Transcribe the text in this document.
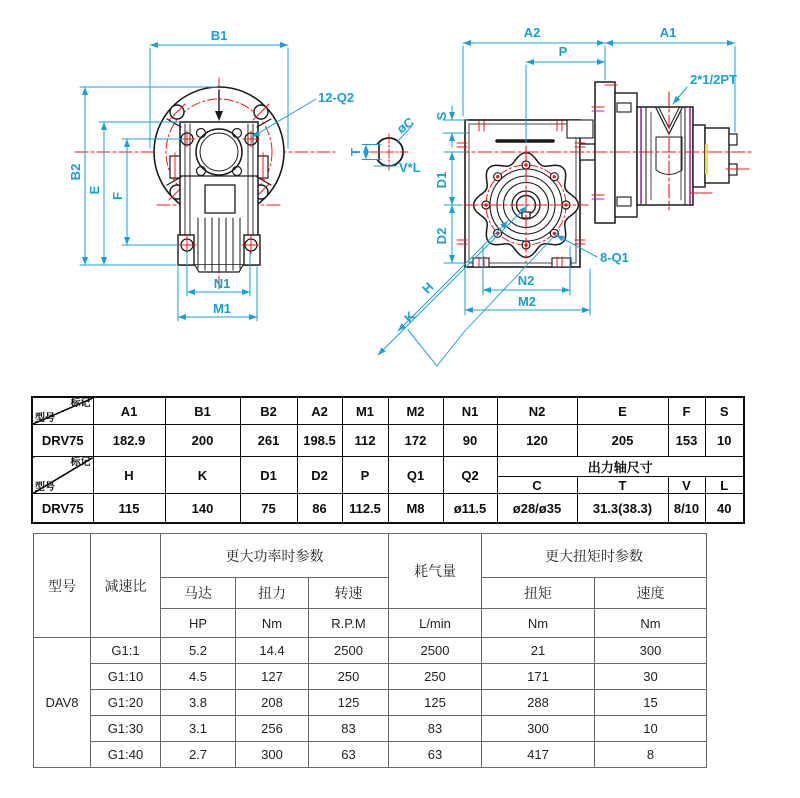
B1
B2
E
F
N1
M1
12-Q2
T
øC
V*L
A2	A1
P
2*1/2PT
S
D1
D2
N2
M2
H
K
8-Q1
标记
型号	A1	B1	B2	A2	M1	M2	N1	N2	E	F	S
DRV75	182.9	200	261	198.5	112	172	90	120	205	153	10

标记
型号	H	K	D1	D2	P	Q1	Q2	出力轴尺寸			
								C	T	V	L
DRV75	115	140	75	86	112.5	M8	ø11.5	ø28/ø35	31.3(38.3)	8/10	40
型号	减速比	更大功率时参数			耗气量	更大扭矩时参数	
		马达	扭力	转速		扭矩	速度
		HP	Nm	R.P.M	L/min	Nm	Nm
DAV8	G1:1	5.2	14.4	2500	2500	21	300
	G1:10	4.5	127	250	250	171	30
	G1:20	3.8	208	125	125	288	15
	G1:30	3.1	256	83	83	300	10
	G1:40	2.7	300	63	63	417	8
